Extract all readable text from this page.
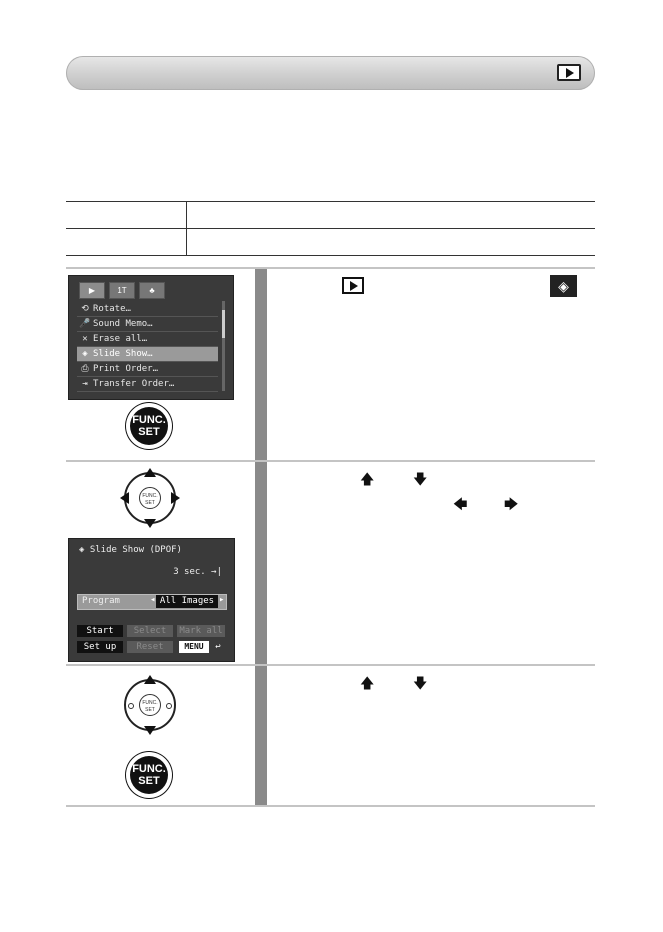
▶	1T	♣
⟲ Rotate…
🎤 Sound Memo…
✕ Erase all…
◈ Slide Show…
⎙ Print Order…
⇥ Transfer Order…
FUNC.
SET
◈
FUNC.
SET
◈ Slide Show (DPOF)
3 sec. →|
Program	◂ All Images ▸
Start	Select	Mark all
Set up	Reset	MENU	↩
FUNC.
SET
FUNC.
SET
🡅	🡇
🡄	🡆
🡅	🡇
